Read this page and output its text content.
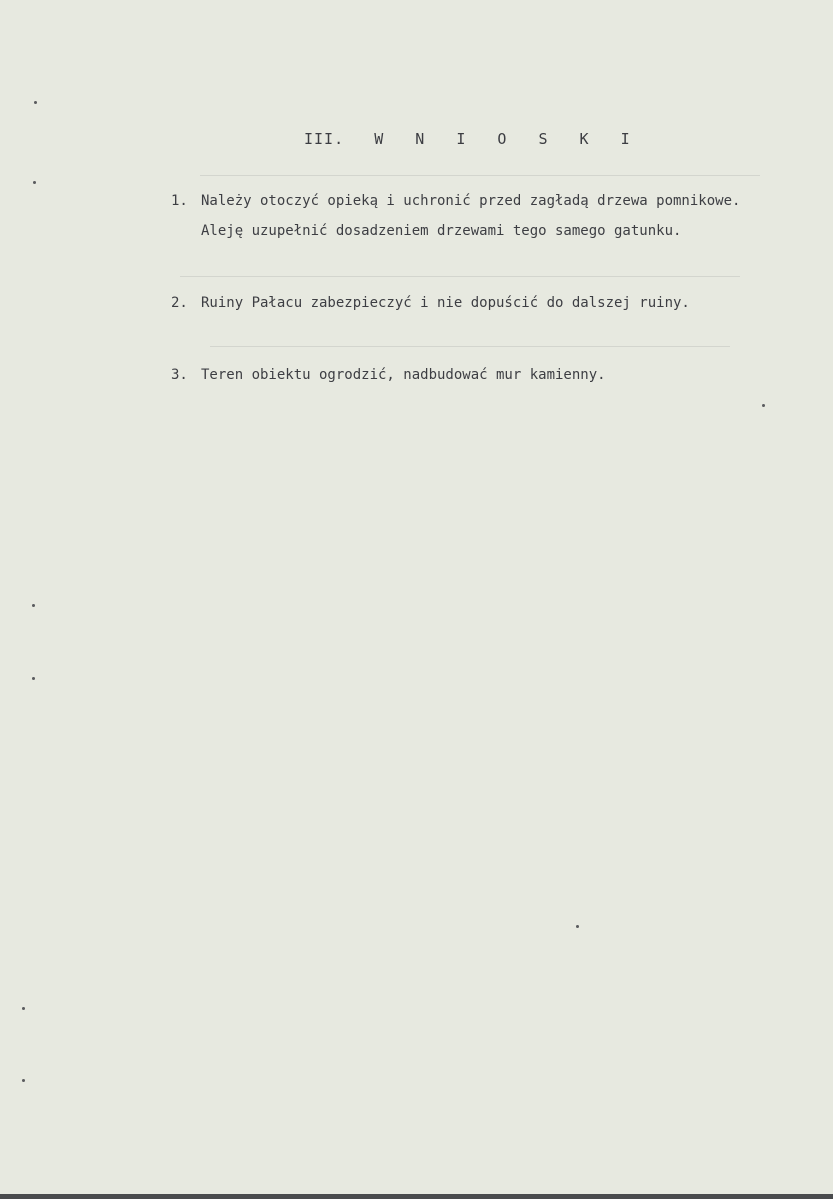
III. W N I O S K I
1. Należy otoczyć opieką i uchronić przed zagładą drzewa pomnikowe. Aleję uzupełnić dosadzeniem drzewami tego samego gatunku.
2. Ruiny Pałacu zabezpieczyć i nie dopuścić do dalszej ruiny.
3. Teren obiektu ogrodzić, nadbudować mur kamienny.
